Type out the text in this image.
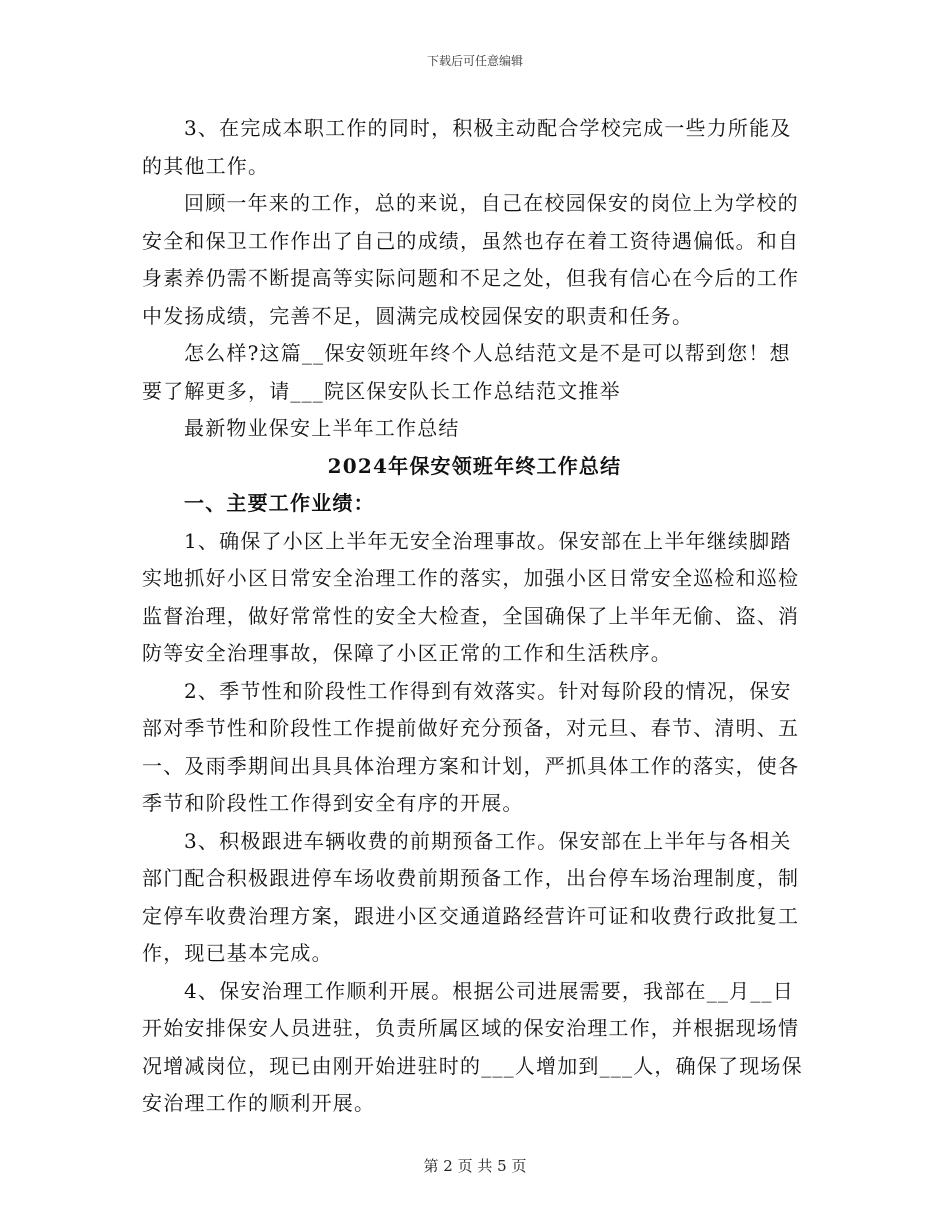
下载后可任意编辑

3、在完成本职工作的同时，积极主动配合学校完成一些力所能及的其他工作。

回顾一年来的工作，总的来说，自己在校园保安的岗位上为学校的安全和保卫工作作出了自己的成绩，虽然也存在着工资待遇偏低。和自身素养仍需不断提高等实际问题和不足之处，但我有信心在今后的工作中发扬成绩，完善不足，圆满完成校园保安的职责和任务。

怎么样?这篇__保安领班年终个人总结范文是不是可以帮到您！想要了解更多，请___院区保安队长工作总结范文推举

最新物业保安上半年工作总结

2024年保安领班年终工作总结

一、主要工作业绩：

1、确保了小区上半年无安全治理事故。保安部在上半年继续脚踏实地抓好小区日常安全治理工作的落实，加强小区日常安全巡检和巡检监督治理，做好常常性的安全大检查，全国确保了上半年无偷、盗、消防等安全治理事故，保障了小区正常的工作和生活秩序。

2、季节性和阶段性工作得到有效落实。针对每阶段的情况，保安部对季节性和阶段性工作提前做好充分预备，对元旦、春节、清明、五一、及雨季期间出具具体治理方案和计划，严抓具体工作的落实，使各季节和阶段性工作得到安全有序的开展。

3、积极跟进车辆收费的前期预备工作。保安部在上半年与各相关部门配合积极跟进停车场收费前期预备工作，出台停车场治理制度，制定停车收费治理方案，跟进小区交通道路经营许可证和收费行政批复工作，现已基本完成。

4、保安治理工作顺利开展。根据公司进展需要，我部在__月__日开始安排保安人员进驻，负责所属区域的保安治理工作，并根据现场情况增减岗位，现已由刚开始进驻时的___人增加到___人，确保了现场保安治理工作的顺利开展。

第 2 页 共 5 页
